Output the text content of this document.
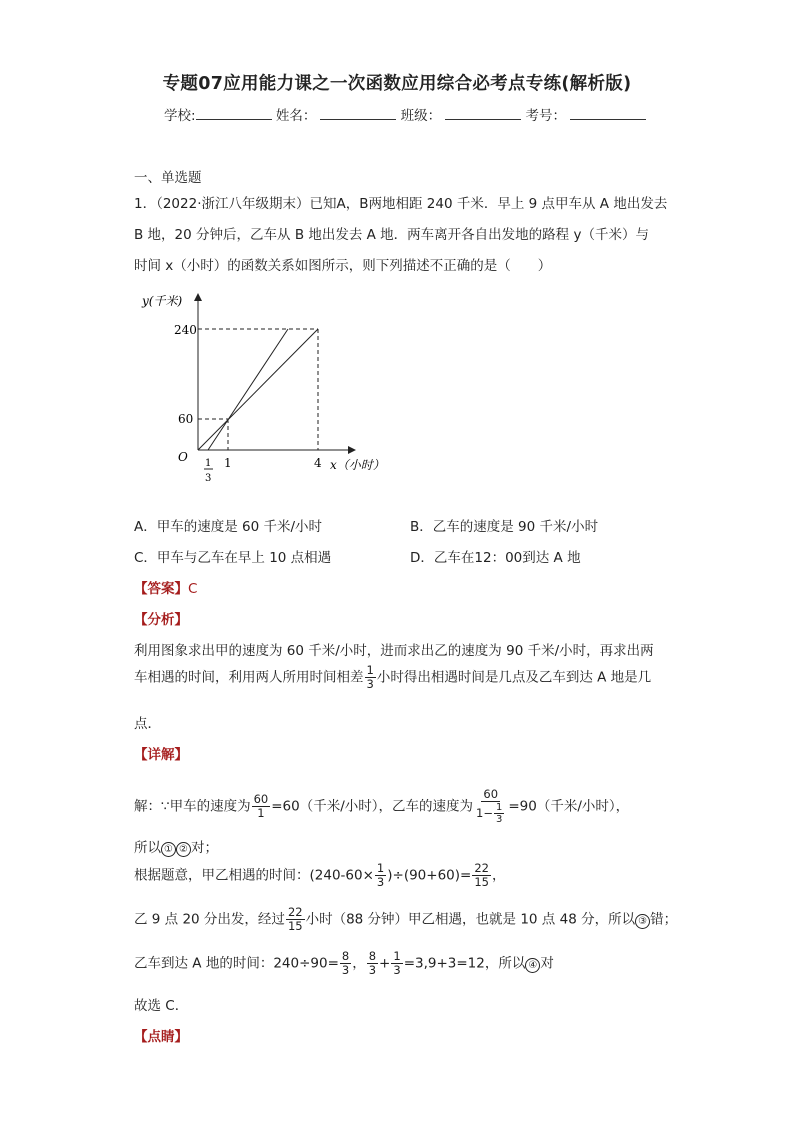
专题07应用能力课之一次函数应用综合必考点专练(解析版)
学校:	姓名：	班级：	考号：
一、单选题
1．（2022·浙江八年级期末）已知A，B两地相距 240 千米．早上 9 点甲车从 A 地出发去
B 地，20 分钟后，乙车从 B 地出发去 A 地．两车离开各自出发地的路程 y（千米）与
时间 x（小时）的函数关系如图所示，则下列描述不正确的是（　　）
y(千米)
240
60
O 1
3
1	4 x（小时）
A．甲车的速度是 60 千米/小时	B．乙车的速度是 90 千米/小时
C．甲车与乙车在早上 10 点相遇	D．乙车在12：00到达 A 地
【答案】C
【分析】
利用图象求出甲的速度为 60 千米/小时，进而求出乙的速度为 90 千米/小时，再求出两
车相遇的时间，利用两人所用时间相差 $\frac{1}{3}$ 小时得出相遇时间是几点及乙车到达 A 地是几
点．
【详解】
解：∵甲车的速度为 $\frac{60}{1} =60$（千米/小时），乙车的速度为 $\frac{60}{1- \frac{1}{3}} =90$（千米/小时），
所以 ① ② 对；
根据题意，甲乙相遇的时间：$(240-60\times \frac{1}{3} )\div(90+60)= \frac{22}{15}$ ，
乙 9 点 20 分出发，经过 $\frac{22}{15}$ 小时（88 分钟）甲乙相遇，也就是 10 点 48 分，所以 ③ 错；
乙车到达 A 地的时间：$240\div 90= \frac{8}{3}$ ， $\frac{8}{3} + \frac{1}{3} =3,9+3=12$，所以 ④ 对
故选 C．
【点睛】
